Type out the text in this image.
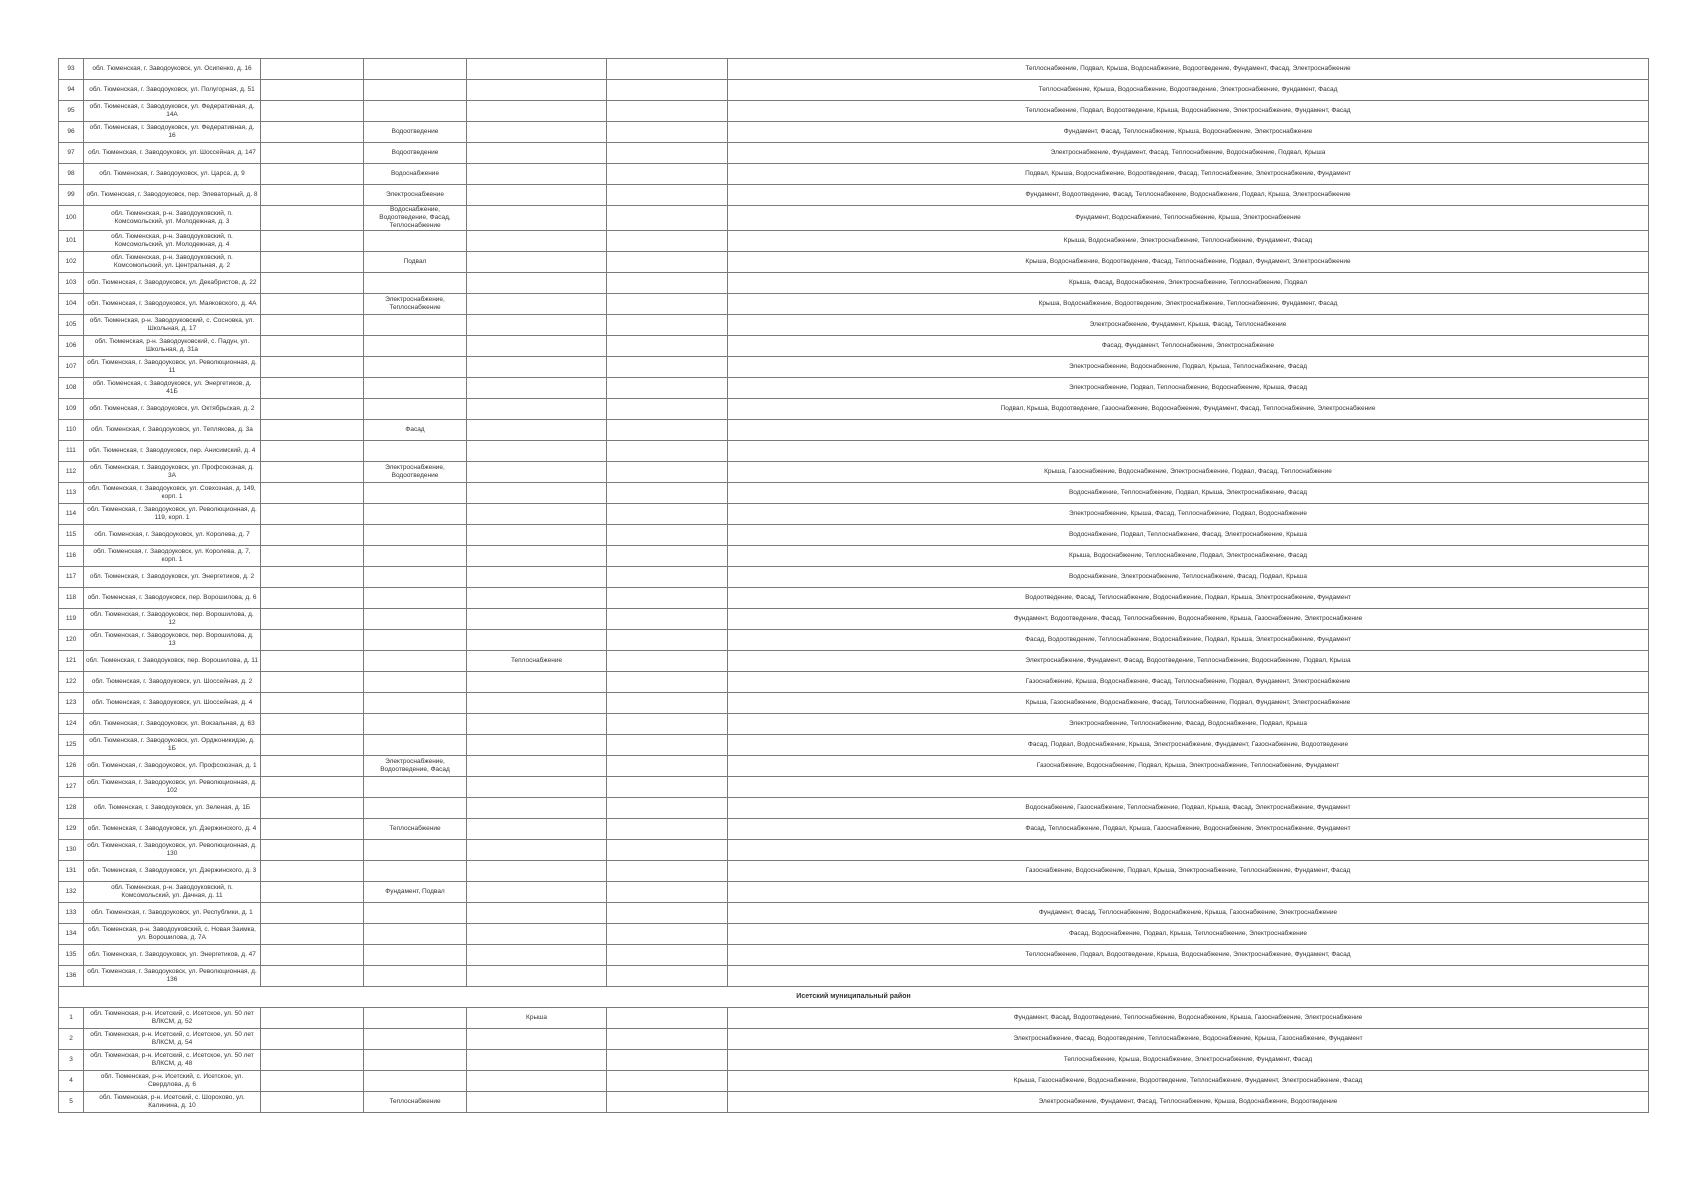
93	обл. Тюменская, г. Заводоуковск, ул. Осипенко, д. 16					Теплоснабжение, Подвал, Крыша, Водоснабжение, Водоотведение, Фундамент, Фасад, Электроснабжение
94	обл. Тюменская, г. Заводоуковск, ул. Полугорная, д. 51					Теплоснабжение, Крыша, Водоснабжение, Водоотведение, Электроснабжение, Фундамент, Фасад
95	обл. Тюменская, г. Заводоуковск, ул. Федеративная, д. 14А					Теплоснабжение, Подвал, Водоотведение, Крыша, Водоснабжение, Электроснабжение, Фундамент, Фасад
96	обл. Тюменская, г. Заводоуковск, ул. Федеративная, д. 16		Водоотведение			Фундамент, Фасад, Теплоснабжение, Крыша, Водоснабжение, Электроснабжение
97	обл. Тюменская, г. Заводоуковск, ул. Шоссейная, д. 147		Водоотведение			Электроснабжение, Фундамент, Фасад, Теплоснабжение, Водоснабжение, Подвал, Крыша
98	обл. Тюменская, г. Заводоуковск, ул. Царса, д. 9		Водоснабжение			Подвал, Крыша, Водоснабжение, Водоотведение, Фасад, Теплоснабжение, Электроснабжение, Фундамент
99	обл. Тюменская, г. Заводоуковск, пер. Элеваторный, д. 8		Электроснабжение			Фундамент, Водоотведение, Фасад, Теплоснабжение, Водоснабжение, Подвал, Крыша, Электроснабжение
100	обл. Тюменская, р-н. Заводоуковский, п. Комсомольский, ул. Молодежная, д. 3		Водоснабжение, Водоотведение, Фасад, Теплоснабжение			Фундамент, Водоснабжение, Теплоснабжение, Крыша, Электроснабжение
101	обл. Тюменская, р-н. Заводоуковский, п. Комсомольский, ул. Молодежная, д. 4					Крыша, Водоснабжение, Электроснабжение, Теплоснабжение, Фундамент, Фасад
102	обл. Тюменская, р-н. Заводоуковский, п. Комсомольский, ул. Центральная, д. 2		Подвал			Крыша, Водоснабжение, Водоотведение, Фасад, Теплоснабжение, Подвал, Фундамент, Электроснабжение
103	обл. Тюменская, г. Заводоуковск, ул. Декабристов, д. 22					Крыша, Фасад, Водоснабжение, Электроснабжение, Теплоснабжение, Подвал
104	обл. Тюменская, г. Заводоуковск, ул. Маяковского, д. 4А		Электроснабжение, Теплоснабжение			Крыша, Водоснабжение, Водоотведение, Электроснабжение, Теплоснабжение, Фундамент, Фасад
105	обл. Тюменская, р-н. Заводоуковский, с. Сосновка, ул. Школьная, д. 17					Электроснабжение, Фундамент, Крыша, Фасад, Теплоснабжение
106	обл. Тюменская, р-н. Заводоуковский, с. Падун, ул. Школьная, д. 31а					Фасад, Фундамент, Теплоснабжение, Электроснабжение
107	обл. Тюменская, г. Заводоуковск, ул. Революционная, д. 11					Электроснабжение, Водоснабжение, Подвал, Крыша, Теплоснабжение, Фасад
108	обл. Тюменская, г. Заводоуковск, ул. Энергетиков, д. 41Б					Электроснабжение, Подвал, Теплоснабжение, Водоснабжение, Крыша, Фасад
109	обл. Тюменская, г. Заводоуковск, ул. Октябрьская, д. 2					Подвал, Крыша, Водоотведение, Газоснабжение, Водоснабжение, Фундамент, Фасад, Теплоснабжение, Электроснабжение
110	обл. Тюменская, г. Заводоуковск, ул. Теплякова, д. 3а		Фасад			
111	обл. Тюменская, г. Заводоуковск, пер. Анисимский, д. 4					
112	обл. Тюменская, г. Заводоуковск, ул. Профсоюзная, д. 3А		Электроснабжение, Водоотведение			Крыша, Газоснабжение, Водоснабжение, Электроснабжение, Подвал, Фасад, Теплоснабжение
113	обл. Тюменская, г. Заводоуковск, ул. Совхозная, д. 149, корп. 1					Водоснабжение, Теплоснабжение, Подвал, Крыша, Электроснабжение, Фасад
114	обл. Тюменская, г. Заводоуковск, ул. Революционная, д. 119, корп. 1					Электроснабжение, Крыша, Фасад, Теплоснабжение, Подвал, Водоснабжение
115	обл. Тюменская, г. Заводоуковск, ул. Королева, д. 7					Водоснабжение, Подвал, Теплоснабжение, Фасад, Электроснабжение, Крыша
116	обл. Тюменская, г. Заводоуковск, ул. Королева, д. 7, корп. 1					Крыша, Водоснабжение, Теплоснабжение, Подвал, Электроснабжение, Фасад
117	обл. Тюменская, г. Заводоуковск, ул. Энергетиков, д. 2					Водоснабжение, Электроснабжение, Теплоснабжение, Фасад, Подвал, Крыша
118	обл. Тюменская, г. Заводоуковск, пер. Ворошилова, д. 6					Водоотведение, Фасад, Теплоснабжение, Водоснабжение, Подвал, Крыша, Электроснабжение, Фундамент
119	обл. Тюменская, г. Заводоуковск, пер. Ворошилова, д. 12					Фундамент, Водоотведение, Фасад, Теплоснабжение, Водоснабжение, Крыша, Газоснабжение, Электроснабжение
120	обл. Тюменская, г. Заводоуковск, пер. Ворошилова, д. 13					Фасад, Водоотведение, Теплоснабжение, Водоснабжение, Подвал, Крыша, Электроснабжение, Фундамент
121	обл. Тюменская, г. Заводоуковск, пер. Ворошилова, д. 11			Теплоснабжение		Электроснабжение, Фундамент, Фасад, Водоотведение, Теплоснабжение, Водоснабжение, Подвал, Крыша
122	обл. Тюменская, г. Заводоуковск, ул. Шоссейная, д. 2					Газоснабжение, Крыша, Водоснабжение, Фасад, Теплоснабжение, Подвал, Фундамент, Электроснабжение
123	обл. Тюменская, г. Заводоуковск, ул. Шоссейная, д. 4					Крыша, Газоснабжение, Водоснабжение, Фасад, Теплоснабжение, Подвал, Фундамент, Электроснабжение
124	обл. Тюменская, г. Заводоуковск, ул. Вокзальная, д. 63					Электроснабжение, Теплоснабжение, Фасад, Водоснабжение, Подвал, Крыша
125	обл. Тюменская, г. Заводоуковск, ул. Орджоникидзе, д. 1Б					Фасад, Подвал, Водоснабжение, Крыша, Электроснабжение, Фундамент, Газоснабжение, Водоотведение
126	обл. Тюменская, г. Заводоуковск, ул. Профсоюзная, д. 1		Электроснабжение, Водоотведение, Фасад			Газоснабжение, Водоснабжение, Подвал, Крыша, Электроснабжение, Теплоснабжение, Фундамент
127	обл. Тюменская, г. Заводоуковск, ул. Революционная, д. 102					
128	обл. Тюменская, г. Заводоуковск, ул. Зеленая, д. 1Б					Водоснабжение, Газоснабжение, Теплоснабжение, Подвал, Крыша, Фасад, Электроснабжение, Фундамент
129	обл. Тюменская, г. Заводоуковск, ул. Дзержинского, д. 4		Теплоснабжение			Фасад, Теплоснабжение, Подвал, Крыша, Газоснабжение, Водоснабжение, Электроснабжение, Фундамент
130	обл. Тюменская, г. Заводоуковск, ул. Революционная, д. 130					
131	обл. Тюменская, г. Заводоуковск, ул. Дзержинского, д. 3					Газоснабжение, Водоснабжение, Подвал, Крыша, Электроснабжение, Теплоснабжение, Фундамент, Фасад
132	обл. Тюменская, р-н. Заводоуковский, п. Комсомольский, ул. Дачная, д. 11		Фундамент, Подвал			
133	обл. Тюменская, г. Заводоуковск, ул. Республики, д. 1					Фундамент, Фасад, Теплоснабжение, Водоснабжение, Крыша, Газоснабжение, Электроснабжение
134	обл. Тюменская, р-н. Заводоуковский, с. Новая Заимка, ул. Ворошилова, д. 7А					Фасад, Водоснабжение, Подвал, Крыша, Теплоснабжение, Электроснабжение
135	обл. Тюменская, г. Заводоуковск, ул. Энергетиков, д. 47					Теплоснабжение, Подвал, Водоотведение, Крыша, Водоснабжение, Электроснабжение, Фундамент, Фасад
136	обл. Тюменская, г. Заводоуковск, ул. Революционная, д. 136					
Исетский муниципальный район						
1	обл. Тюменская, р-н. Исетский, с. Исетское, ул. 50 лет ВЛКСМ, д. 52			Крыша		Фундамент, Фасад, Водоотведение, Теплоснабжение, Водоснабжение, Крыша, Газоснабжение, Электроснабжение
2	обл. Тюменская, р-н. Исетский, с. Исетское, ул. 50 лет ВЛКСМ, д. 54					Электроснабжение, Фасад, Водоотведение, Теплоснабжение, Водоснабжение, Крыша, Газоснабжение, Фундамент
3	обл. Тюменская, р-н. Исетский, с. Исетское, ул. 50 лет ВЛКСМ, д. 48					Теплоснабжение, Крыша, Водоснабжение, Электроснабжение, Фундамент, Фасад
4	обл. Тюменская, р-н. Исетский, с. Исетское, ул. Свердлова, д. 6					Крыша, Газоснабжение, Водоснабжение, Водоотведение, Теплоснабжение, Фундамент, Электроснабжение, Фасад
5	обл. Тюменская, р-н. Исетский, с. Шорохово, ул. Калинина, д. 10		Теплоснабжение			Электроснабжение, Фундамент, Фасад, Теплоснабжение, Крыша, Водоснабжение, Водоотведение
